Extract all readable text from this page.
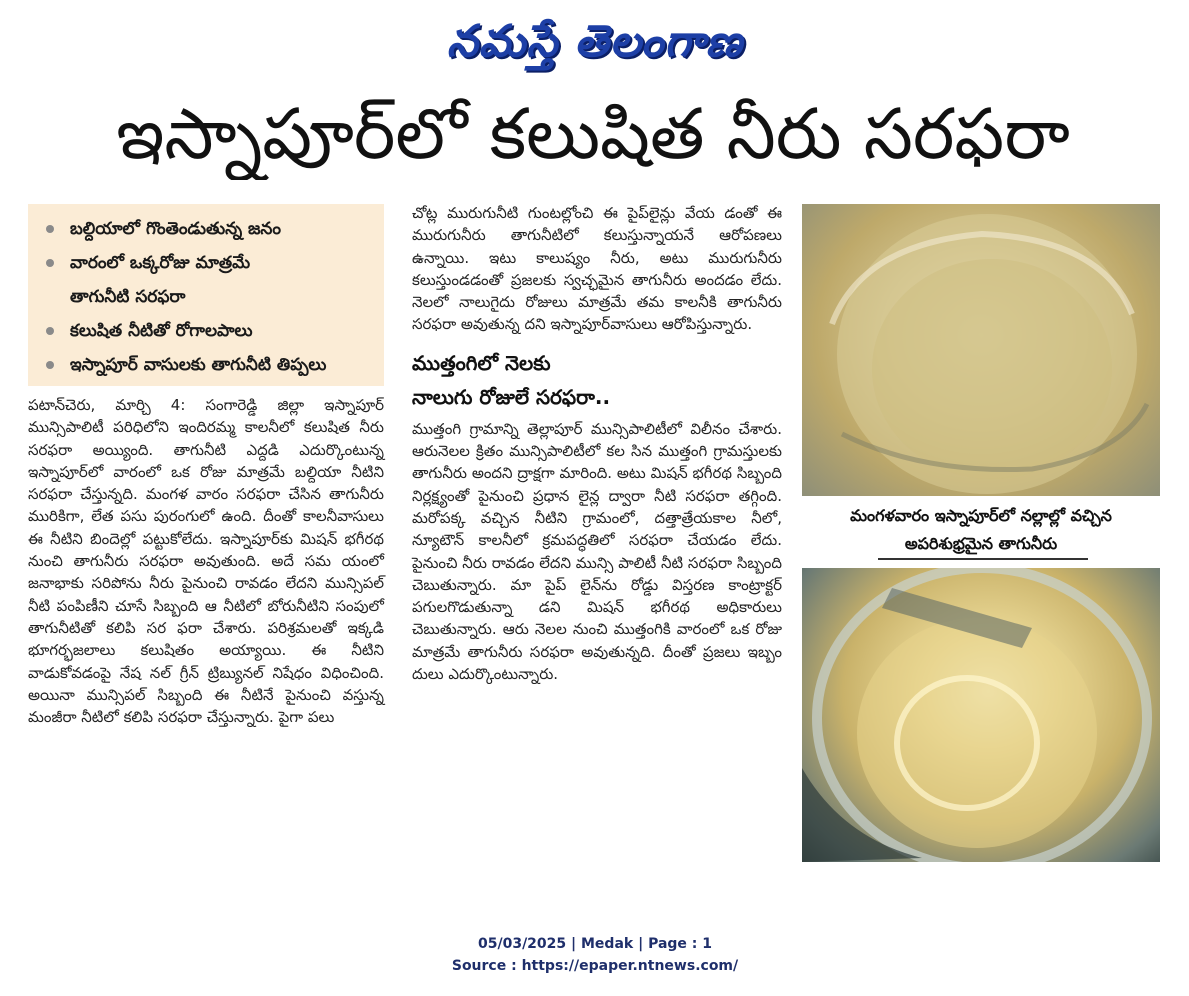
నమస్తే తెలంగాణ
ఇస్నాపూర్‌లో కలుషిత నీరు సరఫరా
బల్దియాలో గొంతెండుతున్న జనం
వారంలో ఒక్కరోజు మాత్రమే
తాగునీటి సరఫరా
కలుషిత నీటితో రోగాలపాలు
ఇస్నాపూర్ వాసులకు తాగునీటి తిప్పలు
పటాన్‌చెరు, మార్చి 4: సంగారెడ్డి జిల్లా ఇస్నాపూర్ మున్సిపాలిటీ పరిధిలోని ఇందిరమ్మ కాలనీలో కలుషిత నీరు సరఫరా అయ్యింది. తాగునీటి ఎద్దడి ఎదుర్కొంటున్న ఇస్నాపూర్‌లో వారంలో ఒక రోజు మాత్రమే బల్దియా నీటిని సరఫరా చేస్తున్నది. మంగళ వారం సరఫరా చేసిన తాగునీరు మురికిగా, లేత పసు పురంగులో ఉంది. దీంతో కాలనీవాసులు ఈ నీటిని బిందెల్లో పట్టుకోలేదు. ఇస్నాపూర్‌కు మిషన్ భగీరథ నుంచి తాగునీరు సరఫరా అవుతుంది. అదే సమ యంలో జనాభాకు సరిపోను నీరు పైనుంచి రావడం లేదని మున్సిపల్ నీటి పంపిణీని చూసే సిబ్బంది ఆ నీటిలో బోరునీటిని సంపులో తాగునీటితో కలిపి సర ఫరా చేశారు. పరిశ్రమలతో ఇక్కడి భూగర్భజలాలు కలుషితం అయ్యాయి. ఈ నీటిని వాడుకోవడంపై నేష నల్ గ్రీన్ ట్రిబ్యునల్ నిషేధం విధించింది. అయినా మున్సిపల్ సిబ్బంది ఈ నీటినే పైనుంచి వస్తున్న మంజీరా నీటిలో కలిపి సరఫరా చేస్తున్నారు. పైగా పలు
చోట్ల మురుగునీటి గుంటల్లోంచి ఈ పైప్‌లైన్లు వేయ డంతో ఈ మురుగునీరు తాగునీటిలో కలుస్తున్నాయనే ఆరోపణలు ఉన్నాయి. ఇటు కాలుష్యం నీరు, అటు మురుగునీరు కలుస్తుండడంతో ప్రజలకు స్వచ్ఛమైన తాగునీరు అందడం లేదు. నెలలో నాలుగైదు రోజులు మాత్రమే తమ కాలనీకి తాగునీరు సరఫరా అవుతున్న దని ఇస్నాపూర్‌వాసులు ఆరోపిస్తున్నారు.
ముత్తంగిలో నెలకు
నాలుగు రోజులే సరఫరా..
ముత్తంగి గ్రామాన్ని తెల్లాపూర్ మున్సిపాలిటీలో విలీనం చేశారు. ఆరునెలల క్రితం మున్సిపాలిటీలో కల సిన ముత్తంగి గ్రామస్తులకు తాగునీరు అందని ద్రాక్షగా మారింది. అటు మిషన్ భగీరథ సిబ్బంది నిర్లక్ష్యంతో పైనుంచి ప్రధాన లైన్ల ద్వారా నీటి సరఫరా తగ్గింది. మరోపక్క వచ్చిన నీటిని గ్రామంలో, దత్తాత్రేయకాల నీలో, న్యూటౌన్ కాలనీలో క్రమపద్ధతిలో సరఫరా చేయడం లేదు. పైనుంచి నీరు రావడం లేదని మున్సి పాలిటీ నీటి సరఫరా సిబ్బంది చెబుతున్నారు. మా పైప్ లైన్‌ను రోడ్డు విస్తరణ కాంట్రాక్టర్ పగులగొడుతున్నా డని మిషన్ భగీరథ అధికారులు చెబుతున్నారు. ఆరు నెలల నుంచి ముత్తంగికి వారంలో ఒక రోజు మాత్రమే తాగునీరు సరఫరా అవుతున్నది. దీంతో ప్రజలు ఇబ్బం దులు ఎదుర్కొంటున్నారు.
మంగళవారం ఇస్నాపూర్‌లో నల్లాల్లో వచ్చిన
అపరిశుభ్రమైన తాగునీరు
05/03/2025 | Medak | Page : 1
Source : https://epaper.ntnews.com/
